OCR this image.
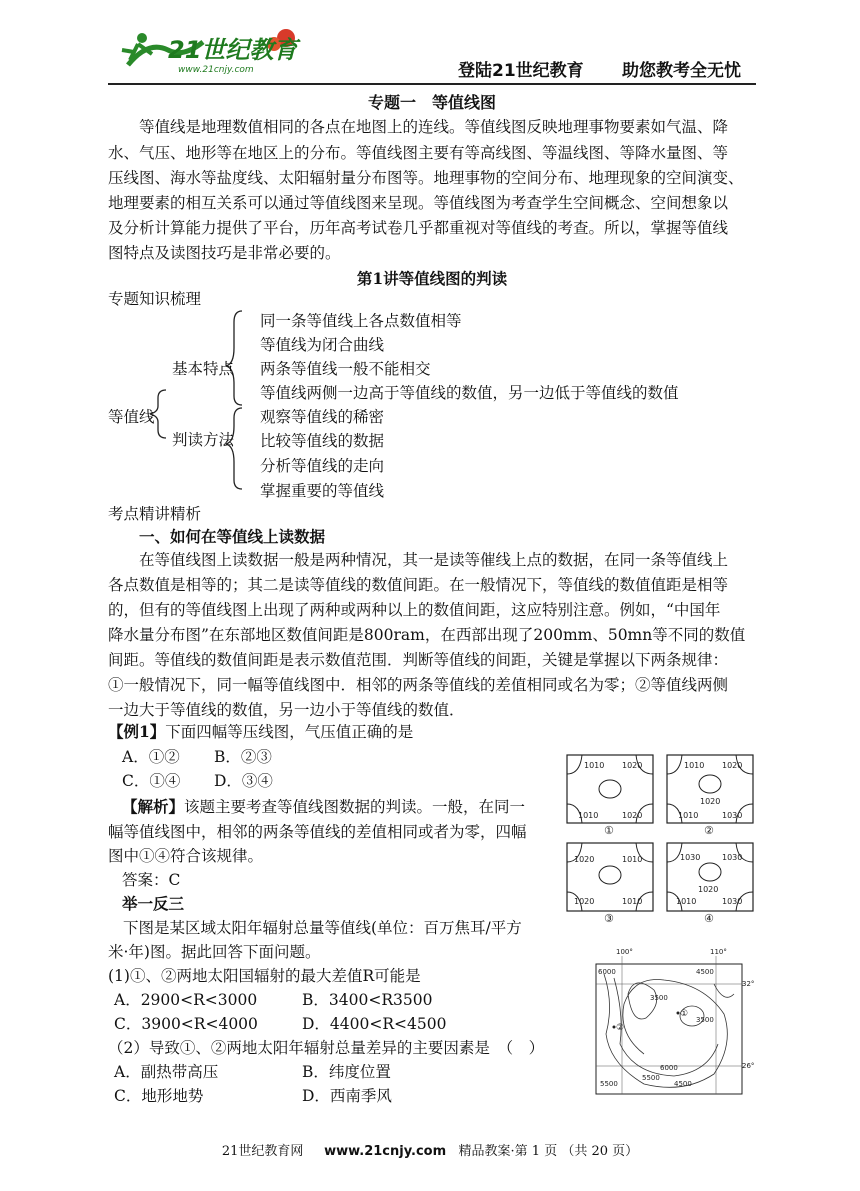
21世纪教育
www.21cnjy.com	登陆21世纪教育 助您教考全无忧
专题一　等值线图
等值线是地理数值相同的各点在地图上的连线。等值线图反映地理事物要素如气温、降
水、气压、地形等在地区上的分布。等值线图主要有等高线图、等温线图、等降水量图、等
压线图、海水等盐度线、太阳辐射量分布图等。地理事物的空间分布、地理现象的空间演变、
地理要素的相互关系可以通过等值线图来呈现。等值线图为考查学生空间概念、空间想象以
及分析计算能力提供了平台，历年高考试卷几乎都重视对等值线的考查。所以，掌握等值线
图特点及读图技巧是非常必要的。
第1讲等值线图的判读
专题知识梳理
等值线
基本特点
判读方法
同一条等值线上各点数值相等
等值线为闭合曲线
两条等值线一般不能相交
等值线两侧一边高于等值线的数值，另一边低于等值线的数值
观察等值线的稀密
比较等值线的数据
分析等值线的走向
掌握重要的等值线
考点精讲精析
一、如何在等值线上读数据
在等值线图上读数据一般是两种情况，其一是读等催线上点的数据，在同一条等值线上
各点数值是相等的；其二是读等值线的数值间距。在一般情况下，等值线的数值值距是相等
的，但有的等值线图上出现了两种或两种以上的数值间距，这应特别注意。例如，“中国年
降水量分布图”在东部地区数值间距是800ram，在西部出现了200mm、50mn等不同的数值
间距。等值线的数值间距是表示数值范围．判断等值线的间距，关键是掌握以下两条规律：
①一般情况下，同一幅等值线图中．相邻的两条等值线的差值相同或名为零；②等值线两侧
一边大于等值线的数值，另一边小于等值线的数值．
【例1】下面四幅等压线图，气压值正确的是
A．①② B．②③
C．①④ D．③④
【解析】该题主要考查等值线图数据的判读。一般，在同一
幅等值线图中，相邻的两条等值线的差值相同或者为零，四幅
图中①④符合该规律。
答案：C
1010 1020
1010	1020
①
1010 1020
1020
1010	1030
②
1020	1010
1020	1010
③
1030	1030
1020
1010	1030
④
举一反三
下图是某区域太阳年辐射总量等值线(单位：百万焦耳/平方
米·年)图。据此回答下面问题。
(1)①、②两地太阳国辐射的最大差值R可能是
A．2900<R<3000	B．3400<R3500
C．3900<R<4000	D．4400<R<4500
（2）导致①、②两地太阳年辐射总量差异的主要因素是　（　）
A．副热带高压	B．纬度位置
C．地形地势	D．西南季风
100°	110°
32°
26°
6000	4500
3500
3500
6000
5500
4500
5500
①
②
21世纪教育网 www.21cnjy.com 精品教案·第 1 页 （共 20 页）
